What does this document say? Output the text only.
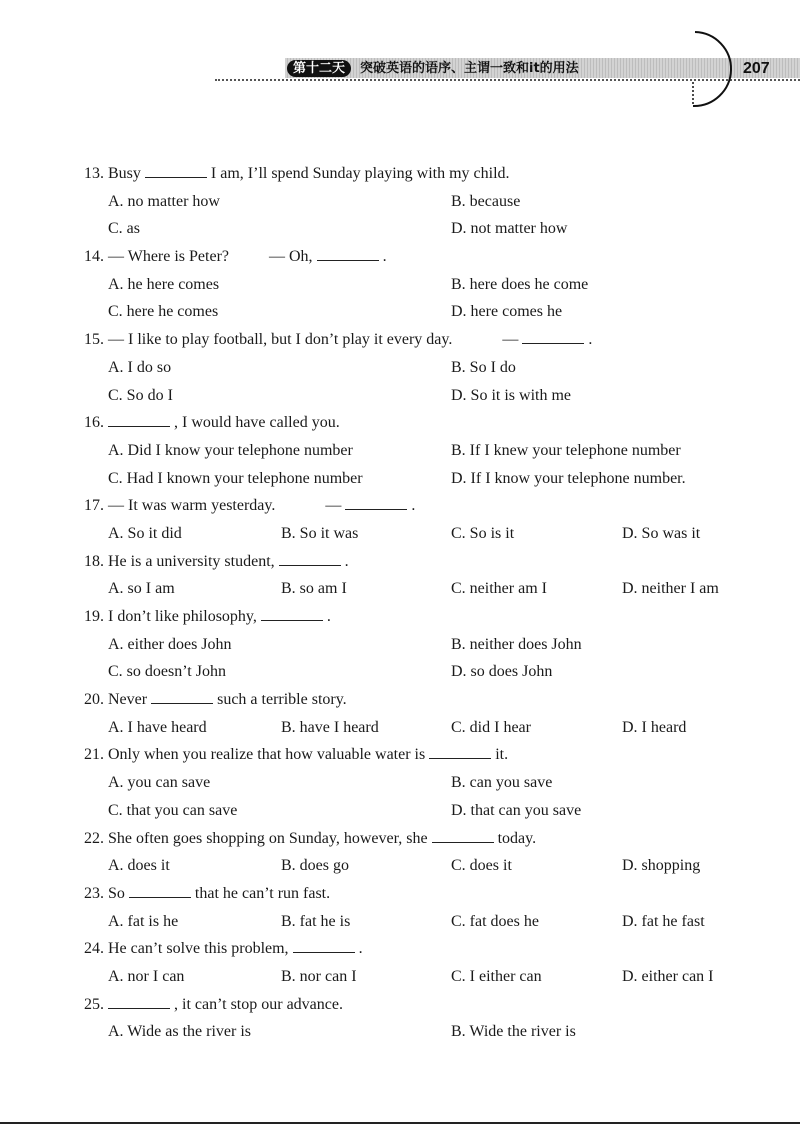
第十二天	突破英语的语序、主谓一致和it的用法	207
13. Busy	I am, I’ll spend Sunday playing with my child.
A. no matter how	B. because
C. as	D. not matter how
14. — Where is Peter?	— Oh,	.
A. he here comes	B. here does he come
C. here he comes	D. here comes he
15. — I like to play football, but I don’t play it every day.	—	.
A. I do so	B. So I do
C. So do I	D. So it is with me
16.	, I would have called you.
A. Did I know your telephone number	B. If I knew your telephone number
C. Had I known your telephone number	D. If I know your telephone number.
17. — It was warm yesterday.	—	.
A. So it did	B. So it was	C. So is it	D. So was it
18. He is a university student,	.
A. so I am	B. so am I	C. neither am I	D. neither I am
19. I don’t like philosophy,	.
A. either does John	B. neither does John
C. so doesn’t John	D. so does John
20. Never	such a terrible story.
A. I have heard	B. have I heard	C. did I hear	D. I heard
21. Only when you realize that how valuable water is	it.
A. you can save	B. can you save
C. that you can save	D. that can you save
22. She often goes shopping on Sunday, however, she	today.
A. does it	B. does go	C. does it	D. shopping
23. So	that he can’t run fast.
A. fat is he	B. fat he is	C. fat does he	D. fat he fast
24. He can’t solve this problem,	.
A. nor I can	B. nor can I	C. I either can	D. either can I
25.	, it can’t stop our advance.
A. Wide as the river is	B. Wide the river is
